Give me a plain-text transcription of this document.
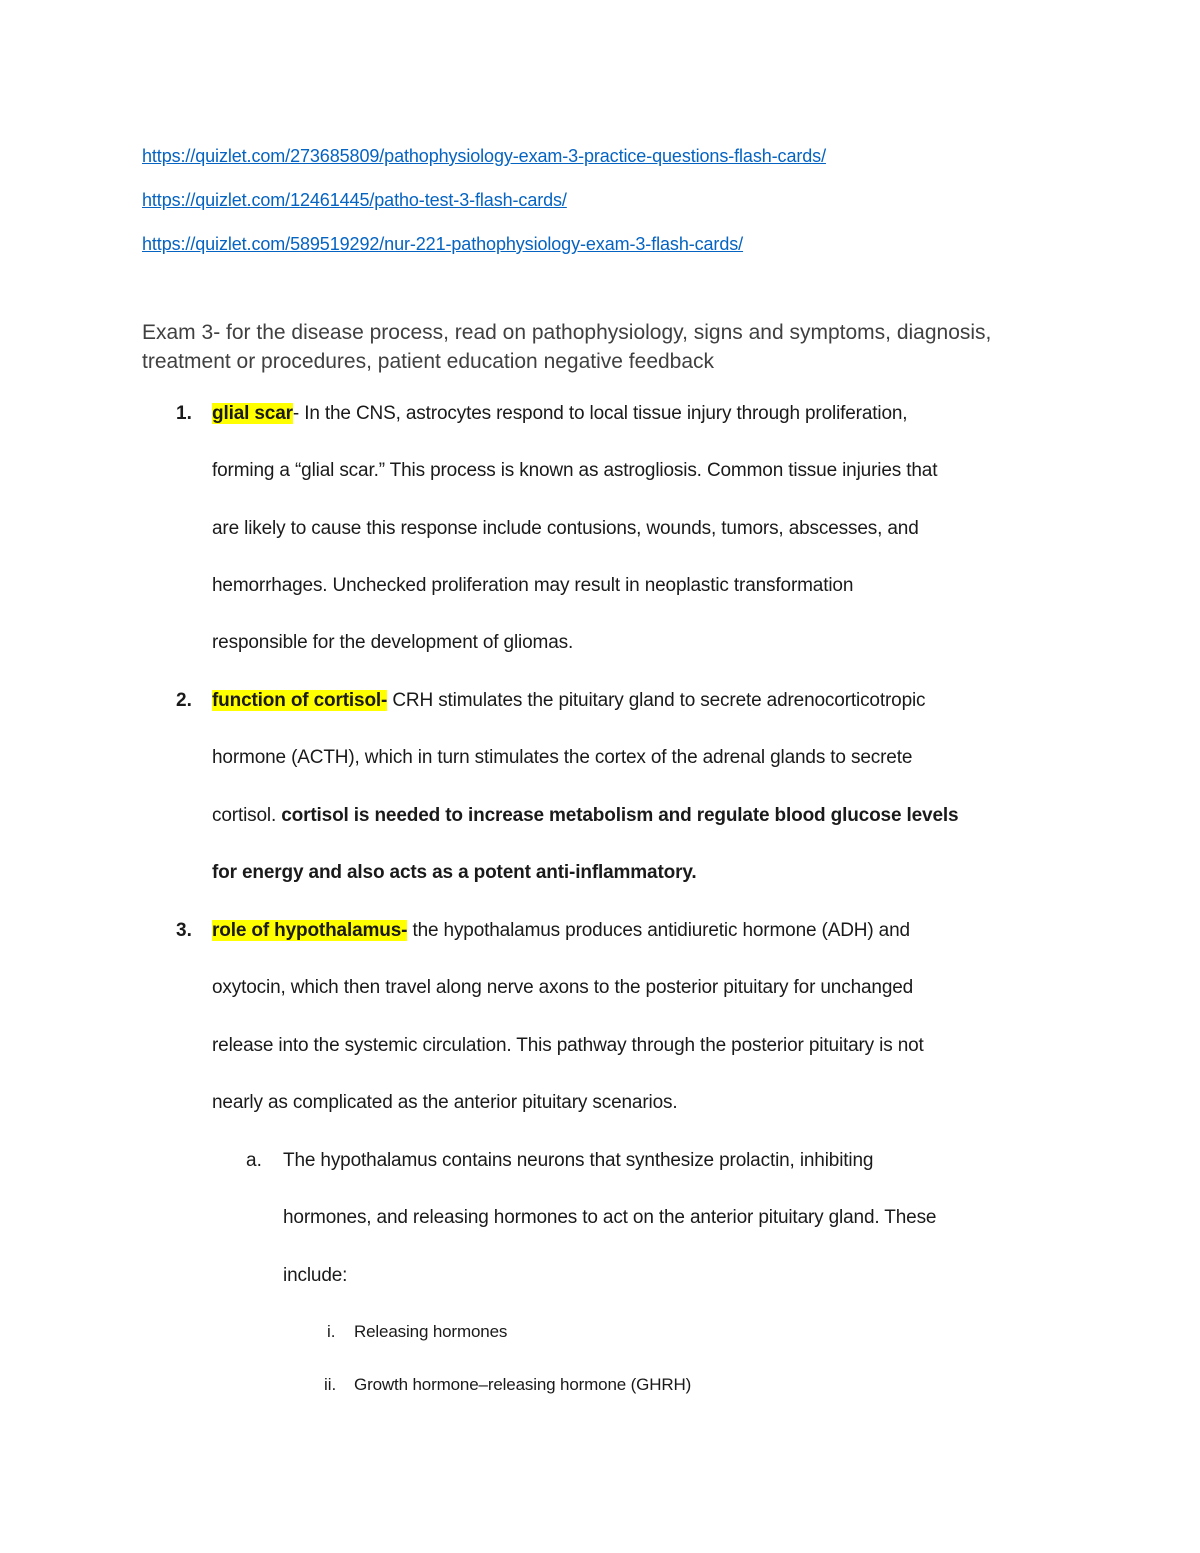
https://quizlet.com/273685809/pathophysiology-exam-3-practice-questions-flash-cards/
https://quizlet.com/12461445/patho-test-3-flash-cards/
https://quizlet.com/589519292/nur-221-pathophysiology-exam-3-flash-cards/
Exam 3- for the disease process, read on pathophysiology, signs and symptoms, diagnosis, treatment or procedures, patient education negative feedback
1. glial scar- In the CNS, astrocytes respond to local tissue injury through proliferation,
forming a “glial scar.” This process is known as astrogliosis. Common tissue injuries that
are likely to cause this response include contusions, wounds, tumors, abscesses, and
hemorrhages. Unchecked proliferation may result in neoplastic transformation
responsible for the development of gliomas.
2. function of cortisol- CRH stimulates the pituitary gland to secrete adrenocorticotropic
hormone (ACTH), which in turn stimulates the cortex of the adrenal glands to secrete
cortisol. cortisol is needed to increase metabolism and regulate blood glucose levels
for energy and also acts as a potent anti-inflammatory.
3. role of hypothalamus- the hypothalamus produces antidiuretic hormone (ADH) and
oxytocin, which then travel along nerve axons to the posterior pituitary for unchanged
release into the systemic circulation. This pathway through the posterior pituitary is not
nearly as complicated as the anterior pituitary scenarios.
a. The hypothalamus contains neurons that synthesize prolactin, inhibiting
hormones, and releasing hormones to act on the anterior pituitary gland. These
include:
i. Releasing hormones
ii. Growth hormone–releasing hormone (GHRH)
